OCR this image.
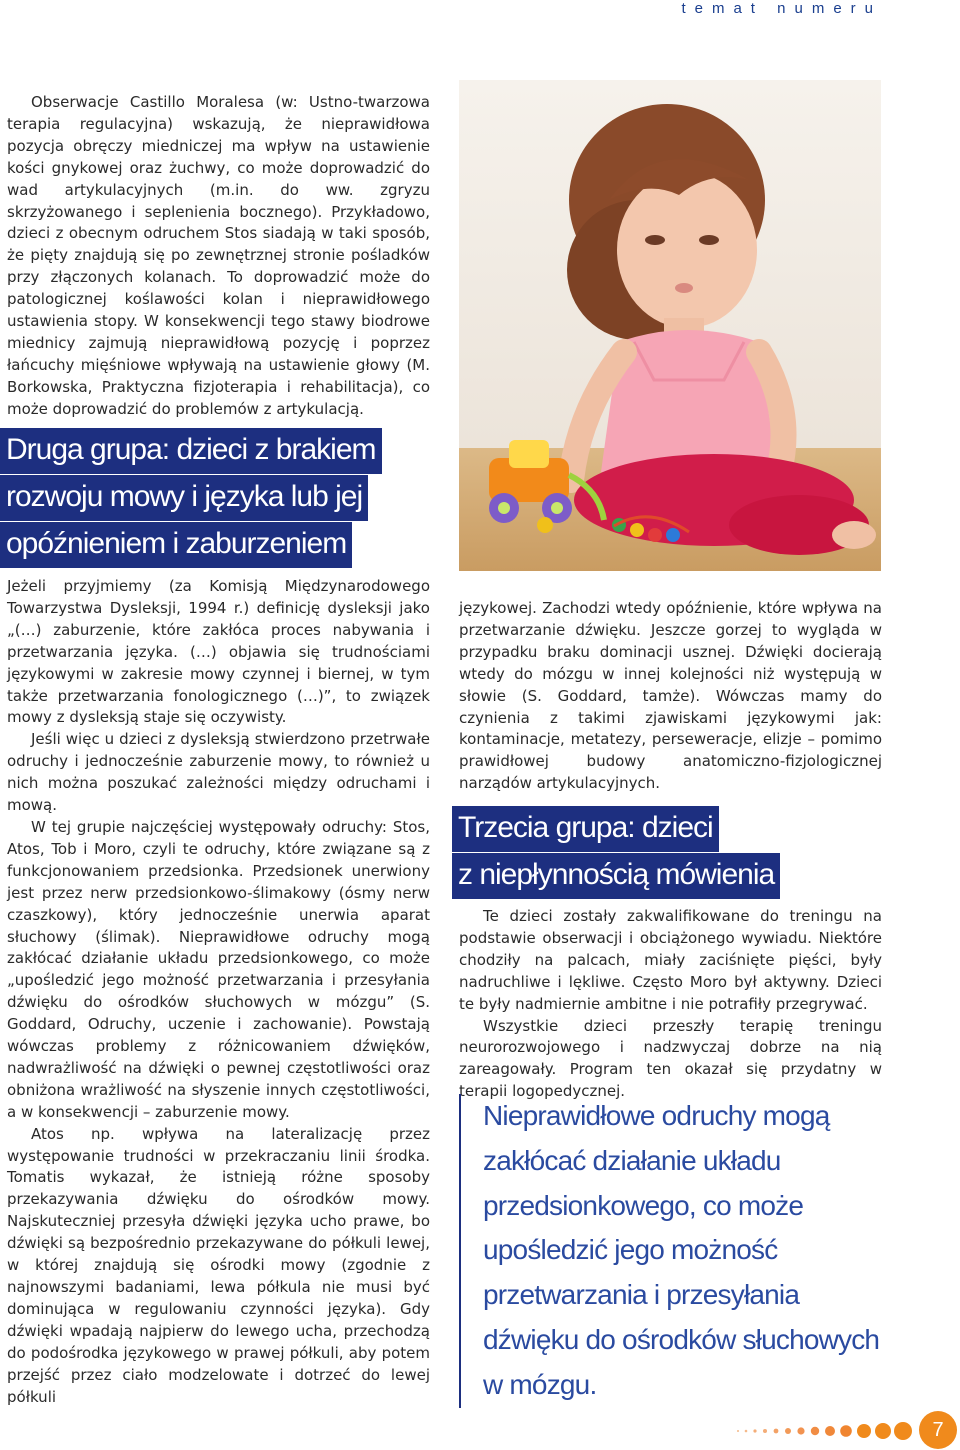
temat numeru

Obserwacje Castillo Moralesa (w: Ustno-twarzowa terapia regulacyjna) wskazują, że nieprawidłowa pozycja obręczy miedniczej ma wpływ na ustawienie kości gnykowej oraz żuchwy, co może doprowadzić do wad artykulacyjnych (m.in. do ww. zgryzu skrzyżowanego i seplenienia bocznego). Przykładowo, dzieci z obecnym odruchem Stos siadają w taki sposób, że pięty znajdują się po zewnętrznej stronie pośladków przy złączonych kolanach. To doprowadzić może do patologicznej koślawości kolan i nieprawidłowego ustawienia stopy. W konsekwencji tego stawy biodrowe miednicy zajmują nieprawidłową pozycję i poprzez łańcuchy mięśniowe wpływają na ustawienie głowy (M. Borkowska, Praktyczna fizjoterapia i rehabilitacja), co może doprowadzić do problemów z artykulacją.

Druga grupa: dzieci z brakiem
rozwoju mowy i języka lub jej
opóźnieniem i zaburzeniem

Jeżeli przyjmiemy (za Komisją Międzynarodowego Towarzystwa Dysleksji, 1994 r.) definicję dysleksji jako „(…) zaburzenie, które zakłóca proces nabywania i przetwarzania języka. (…) objawia się trudnościami językowymi w zakresie mowy czynnej i biernej, w tym także przetwarzania fonologicznego (…)”, to związek mowy z dysleksją staje się oczywisty.

Jeśli więc u dzieci z dysleksją stwierdzono przetrwałe odruchy i jednocześnie zaburzenie mowy, to również u nich można poszukać zależności między odruchami i mową.

W tej grupie najczęściej występowały odruchy: Stos, Atos, Tob i Moro, czyli te odruchy, które związane są z funkcjonowaniem przedsionka. Przedsionek unerwiony jest przez nerw przedsionkowo-ślimakowy (ósmy nerw czaszkowy), który jednocześnie unerwia aparat słuchowy (ślimak). Nieprawidłowe odruchy mogą zakłócać działanie układu przedsionkowego, co może „upośledzić jego możność przetwarzania i przesyłania dźwięku do ośrodków słuchowych w mózgu” (S. Goddard, Odruchy, uczenie i zachowanie). Powstają wówczas problemy z różnicowaniem dźwięków, nadwrażliwość na dźwięki o pewnej częstotliwości oraz obniżona wrażliwość na słyszenie innych częstotliwości, a w konsekwencji – zaburzenie mowy.

Atos np. wpływa na lateralizację przez występowanie trudności w przekraczaniu linii środka. Tomatis wykazał, że istnieją różne sposoby przekazywania dźwięku do ośrodków mowy. Najskuteczniej przesyła dźwięki języka ucho prawe, bo dźwięki są bezpośrednio przekazywane do półkuli lewej, w której znajdują się ośrodki mowy (zgodnie z najnowszymi badaniami, lewa półkula nie musi być dominująca w regulowaniu czynności języka). Gdy dźwięki wpadają najpierw do lewego ucha, przechodzą do podośrodka językowego w prawej półkuli, aby potem przejść przez ciało modzelowate i dotrzeć do lewej półkuli

językowej. Zachodzi wtedy opóźnienie, które wpływa na przetwarzanie dźwięku. Jeszcze gorzej to wygląda w przypadku braku dominacji usznej. Dźwięki docierają wtedy do mózgu w innej kolejności niż występują w słowie (S. Goddard, tamże). Wówczas mamy do czynienia z takimi zjawiskami językowymi jak: kontaminacje, metatezy, perseweracje, elizje – pomimo prawidłowej budowy anatomiczno-fizjologicznej narządów artykulacyjnych.

Trzecia grupa: dzieci
z niepłynnością mówienia

Te dzieci zostały zakwalifikowane do treningu na podstawie obserwacji i obciążonego wywiadu. Niektóre chodziły na palcach, miały zaciśnięte pięści, były nadruchliwe i lękliwe. Często Moro był aktywny. Dzieci te były nadmiernie ambitne i nie potrafiły przegrywać.

Wszystkie dzieci przeszły terapię treningu neurorozwojowego i nadzwyczaj dobrze na nią zareagowały. Program ten okazał się przydatny w terapii logopedycznej.

Nieprawidłowe odruchy mogą zakłócać działanie układu przedsionkowego, co może upośledzić jego możność przetwarzania i przesyłania dźwięku do ośrodków słuchowych w mózgu.
7
